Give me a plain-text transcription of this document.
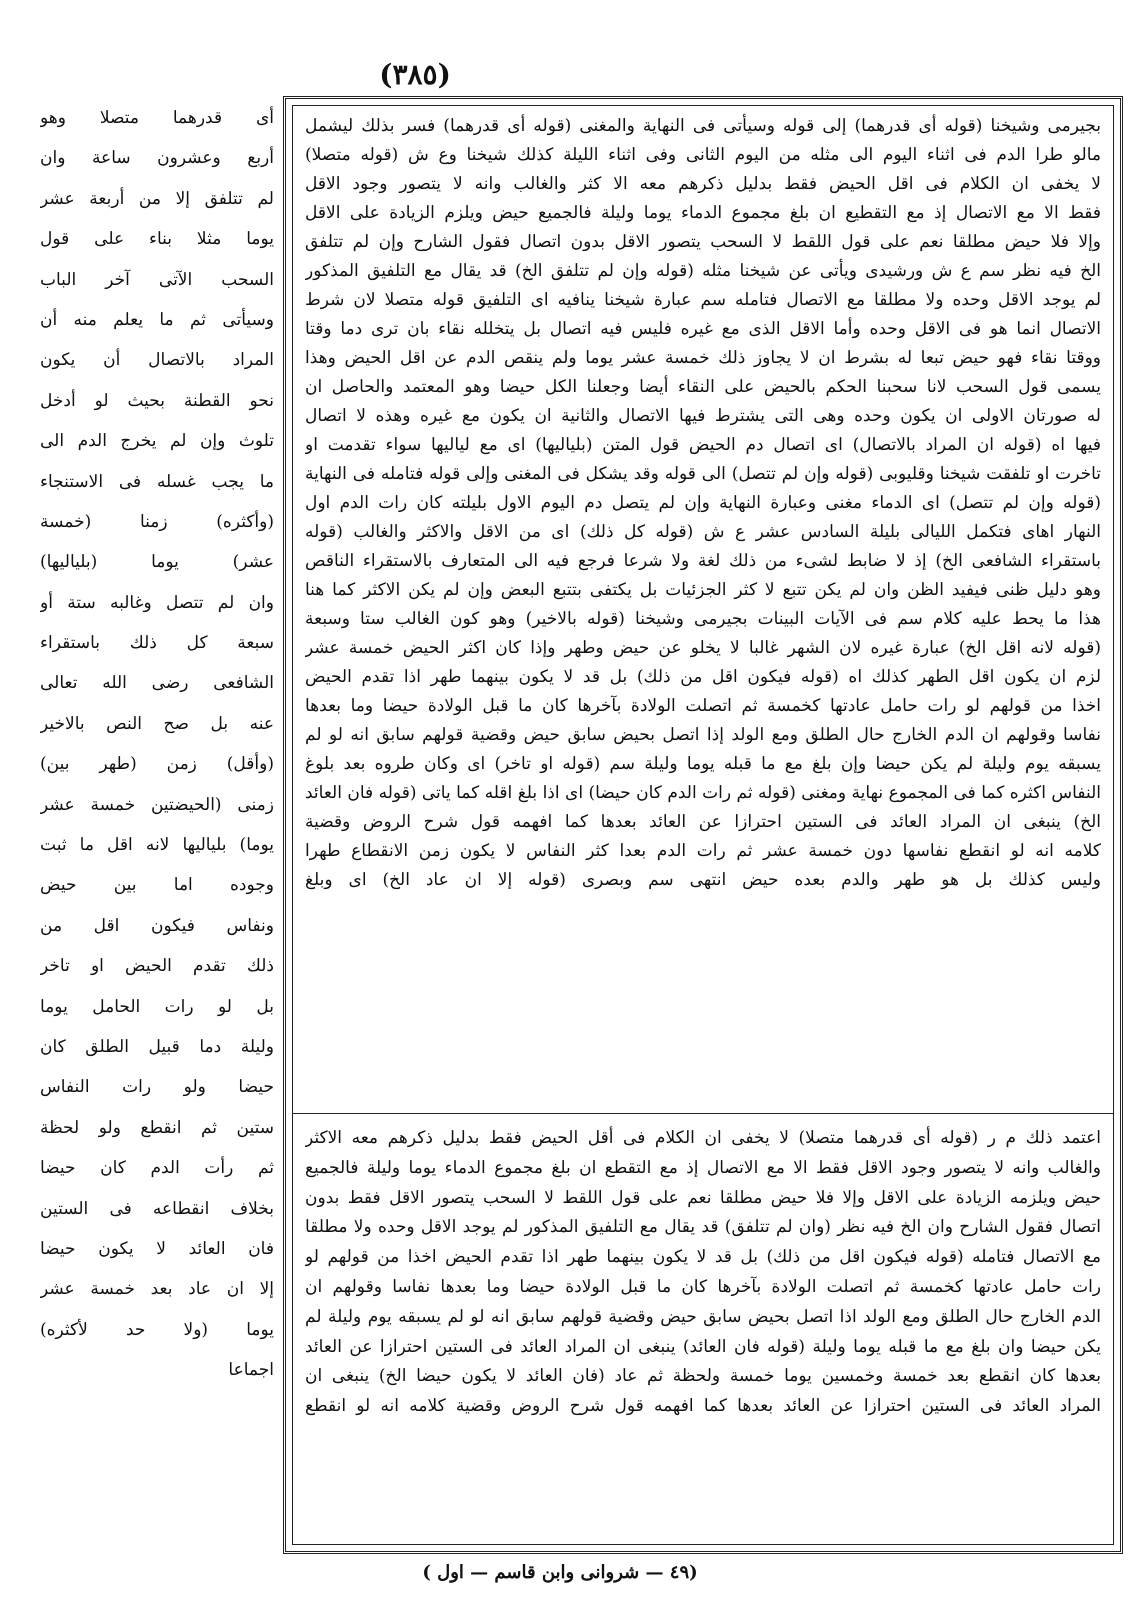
(٣٨٥)
أى قدرهما متصلا وهو
أربع وعشرون ساعة وان
لم تتلفق إلا من أربعة عشر
يوما مثلا بناء على قول
السحب الآتى آخر الباب
وسيأتى ثم ما يعلم منه أن
المراد بالاتصال أن يكون
نحو القطنة بحيث لو أدخل
تلوث وإن لم يخرج الدم الى
ما يجب غسله فى الاستنجاء
(وأكثره) زمنا (خمسة
عشر) يوما (بلياليها)
وان لم تتصل وغالبه ستة أو
سبعة كل ذلك باستقراء
الشافعى رضى الله تعالى
عنه بل صح النص بالاخير
(وأقل) زمن (طهر بين)
زمنى (الحيضتين خمسة عشر
يوما) بلياليها لانه اقل ما ثبت
وجوده اما بين حيض
ونفاس فيكون اقل من
ذلك تقدم الحيض او تاخر
بل لو رات الحامل يوما
وليلة دما قبيل الطلق كان
حيضا ولو رات النفاس
ستين ثم انقطع ولو لحظة
ثم رأت الدم كان حيضا
بخلاف انقطاعه فى الستين
فان العائد لا يكون حيضا
إلا ان عاد بعد خمسة عشر
يوما (ولا حد لأكثره)
اجماعا
بجيرمى وشيخنا (قوله أى قدرهما) إلى قوله وسيأتى فى النهاية والمغنى (قوله أى قدرهما) فسر بذلك ليشمل
مالو طرا الدم فى اثناء اليوم الى مثله من اليوم الثانى وفى اثناء الليلة كذلك شيخنا وع ش (قوله متصلا)
لا يخفى ان الكلام فى اقل الحيض فقط بدليل ذكرهم معه الا كثر والغالب وانه لا يتصور وجود الاقل
فقط الا مع الاتصال إذ مع التقطيع ان بلغ مجموع الدماء يوما وليلة فالجميع حيض ويلزم الزيادة على الاقل
وإلا فلا حيض مطلقا نعم على قول اللقط لا السحب يتصور الاقل بدون اتصال فقول الشارح وإن لم تتلفق
الخ فيه نظر سم ع ش ورشيدى ويأتى عن شيخنا مثله (قوله وإن لم تتلفق الخ) قد يقال مع التلفيق المذكور
لم يوجد الاقل وحده ولا مطلقا مع الاتصال فتامله سم عبارة شيخنا ينافيه اى التلفيق قوله متصلا لان شرط
الاتصال انما هو فى الاقل وحده وأما الاقل الذى مع غيره فليس فيه اتصال بل يتخلله نقاء بان ترى دما وقتا
ووقتا نقاء فهو حيض تبعا له بشرط ان لا يجاوز ذلك خمسة عشر يوما ولم ينقص الدم عن اقل الحيض وهذا
يسمى قول السحب لانا سحبنا الحكم بالحيض على النقاء أيضا وجعلنا الكل حيضا وهو المعتمد والحاصل ان
له صورتان الاولى ان يكون وحده وهى التى يشترط فيها الاتصال والثانية ان يكون مع غيره وهذه لا اتصال
فيها اه (قوله ان المراد بالاتصال) اى اتصال دم الحيض قول المتن (بلياليها) اى مع لياليها سواء تقدمت او
تاخرت او تلفقت شيخنا وقليوبى (قوله وإن لم تتصل) الى قوله وقد يشكل فى المغنى وإلى قوله فتامله فى النهاية
(قوله وإن لم تتصل) اى الدماء مغنى وعبارة النهاية وإن لم يتصل دم اليوم الاول بليلته كان رات الدم اول
النهار اهاى فتكمل الليالى بليلة السادس عشر ع ش (قوله كل ذلك) اى من الاقل والاكثر والغالب (قوله
باستقراء الشافعى الخ) إذ لا ضابط لشىء من ذلك لغة ولا شرعا فرجع فيه الى المتعارف بالاستقراء الناقص
وهو دليل ظنى فيفيد الظن وان لم يكن تتبع لا كثر الجزئيات بل يكتفى بتتبع البعض وإن لم يكن الاكثر كما هنا
هذا ما يحط عليه كلام سم فى الآيات البينات بجيرمى وشيخنا (قوله بالاخير) وهو كون الغالب ستا وسبعة
(قوله لانه اقل الخ) عبارة غيره لان الشهر غالبا لا يخلو عن حيض وطهر وإذا كان اكثر الحيض خمسة عشر
لزم ان يكون اقل الطهر كذلك اه (قوله فيكون اقل من ذلك) بل قد لا يكون بينهما طهر اذا تقدم الحيض
اخذا من قولهم لو رات حامل عادتها كخمسة ثم اتصلت الولادة بآخرها كان ما قبل الولادة حيضا وما بعدها
نفاسا وقولهم ان الدم الخارج حال الطلق ومع الولد إذا اتصل بحيض سابق حيض وقضية قولهم سابق انه لو لم
يسبقه يوم وليلة لم يكن حيضا وإن بلغ مع ما قبله يوما وليلة سم (قوله او تاخر) اى وكان طروه بعد بلوغ
النفاس اكثره كما فى المجموع نهاية ومغنى (قوله ثم رات الدم كان حيضا) اى اذا بلغ اقله كما ياتى (قوله فان العائد
الخ) ينبغى ان المراد العائد فى الستين احترازا عن العائد بعدها كما افهمه قول شرح الروض وقضية
كلامه انه لو انقطع نفاسها دون خمسة عشر ثم رات الدم بعدا كثر النفاس لا يكون زمن الانقطاع طهرا
وليس كذلك بل هو طهر والدم بعده حيض انتهى سم وبصرى (قوله إلا ان عاد الخ) اى وبلغ
اعتمد ذلك م ر (قوله أى قدرهما متصلا) لا يخفى ان الكلام فى أقل الحيض فقط بدليل ذكرهم معه الاكثر
والغالب وانه لا يتصور وجود الاقل فقط الا مع الاتصال إذ مع التقطع ان بلغ مجموع الدماء يوما وليلة فالجميع
حيض ويلزمه الزيادة على الاقل وإلا فلا حيض مطلقا نعم على قول اللقط لا السحب يتصور الاقل فقط بدون
اتصال فقول الشارح وان الخ فيه نظر (وان لم تتلفق) قد يقال مع التلفيق المذكور لم يوجد الاقل وحده ولا مطلقا
مع الاتصال فتامله (قوله فيكون اقل من ذلك) بل قد لا يكون بينهما طهر اذا تقدم الحيض اخذا من قولهم لو
رات حامل عادتها كخمسة ثم اتصلت الولادة بآخرها كان ما قبل الولادة حيضا وما بعدها نفاسا وقولهم ان
الدم الخارج حال الطلق ومع الولد اذا اتصل بحيض سابق حيض وقضية قولهم سابق انه لو لم يسبقه يوم وليلة لم
يكن حيضا وان بلغ مع ما قبله يوما وليلة (قوله فان العائد) ينبغى ان المراد العائد فى الستين احترازا عن العائد
بعدها كان انقطع بعد خمسة وخمسين يوما خمسة ولحظة ثم عاد (فان العائد لا يكون حيضا الخ) ينبغى ان
المراد العائد فى الستين احترازا عن العائد بعدها كما افهمه قول شرح الروض وقضية كلامه انه لو انقطع
(٤٩ — شروانى وابن قاسم — اول )
